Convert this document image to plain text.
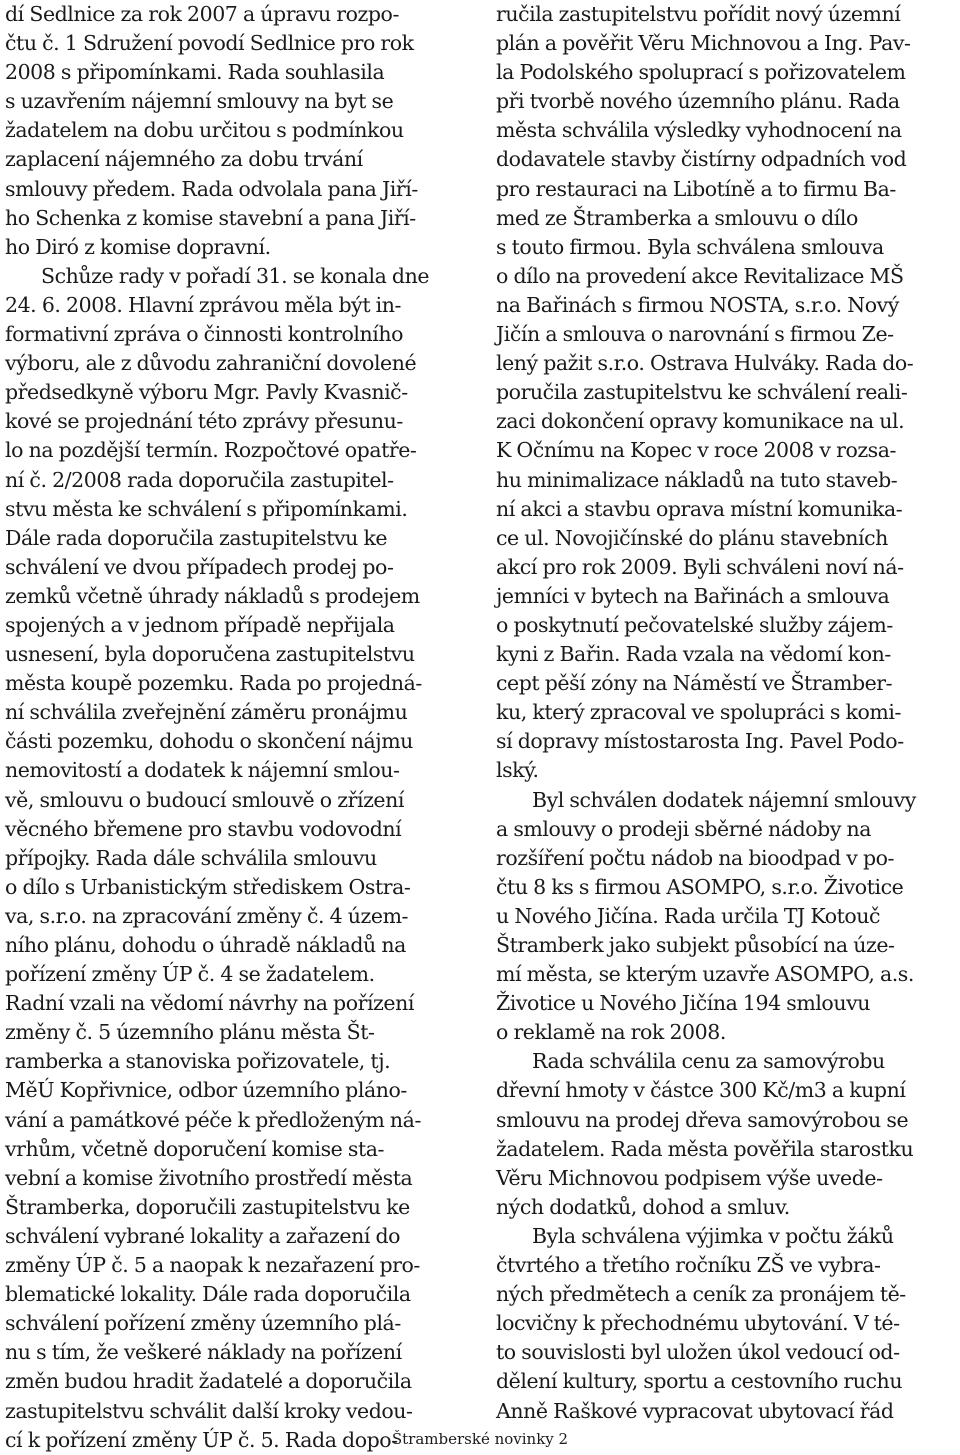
dí Sedlnice za rok 2007 a úpravu rozpo-
čtu č. 1 Sdružení povodí Sedlnice pro rok
2008 s připomínkami. Rada souhlasila
s uzavřením nájemní smlouvy na byt se
žadatelem na dobu určitou s podmínkou
zaplacení nájemného za dobu trvání
smlouvy předem. Rada odvolala pana Jiří-
ho Schenka z komise stavební a pana Jiří-
ho Diró z komise dopravní.
Schůze rady v pořadí 31. se konala dne
24. 6. 2008. Hlavní zprávou měla být in-
formativní zpráva o činnosti kontrolního
výboru, ale z důvodu zahraniční dovolené
předsedkyně výboru Mgr. Pavly Kvasnič-
kové se projednání této zprávy přesunu-
lo na pozdější termín. Rozpočtové opatře-
ní č. 2/2008 rada doporučila zastupitel-
stvu města ke schválení s připomínkami.
Dále rada doporučila zastupitelstvu ke
schválení ve dvou případech prodej po-
zemků včetně úhrady nákladů s prodejem
spojených a v jednom případě nepřijala
usnesení, byla doporučena zastupitelstvu
města koupě pozemku. Rada po projedná-
ní schválila zveřejnění záměru pronájmu
části pozemku, dohodu o skončení nájmu
nemovitostí a dodatek k nájemní smlou-
vě, smlouvu o budoucí smlouvě o zřízení
věcného břemene pro stavbu vodovodní
přípojky. Rada dále schválila smlouvu
o dílo s Urbanistickým střediskem Ostra-
va, s.r.o. na zpracování změny č. 4 územ-
ního plánu, dohodu o úhradě nákladů na
pořízení změny ÚP č. 4 se žadatelem.
Radní vzali na vědomí návrhy na pořízení
změny č. 5 územního plánu města Št-
ramberka a stanoviska pořizovatele, tj.
MěÚ Kopřivnice, odbor územního pláno-
vání a památkové péče k předloženým ná-
vrhům, včetně doporučení komise sta-
vební a komise životního prostředí města
Štramberka, doporučili zastupitelstvu ke
schválení vybrané lokality a zařazení do
změny ÚP č. 5 a naopak k nezařazení pro-
blematické lokality. Dále rada doporučila
schválení pořízení změny územního plá-
nu s tím, že veškeré náklady na pořízení
změn budou hradit žadatelé a doporučila
zastupitelstvu schválit další kroky vedou-
cí k pořízení změny ÚP č. 5. Rada dopo-
ručila zastupitelstvu pořídit nový územní
plán a pověřit Věru Michnovou a Ing. Pav-
la Podolského spoluprací s pořizovatelem
při tvorbě nového územního plánu. Rada
města schválila výsledky vyhodnocení na
dodavatele stavby čistírny odpadních vod
pro restauraci na Libotíně a to firmu Ba-
med ze Štramberka a smlouvu o dílo
s touto firmou. Byla schválena smlouva
o dílo na provedení akce Revitalizace MŠ
na Bařinách s firmou NOSTA, s.r.o. Nový
Jičín a smlouva o narovnání s firmou Ze-
lený pažit s.r.o. Ostrava Hulváky. Rada do-
poručila zastupitelstvu ke schválení reali-
zaci dokončení opravy komunikace na ul.
K Očnímu na Kopec v roce 2008 v rozsa-
hu minimalizace nákladů na tuto staveb-
ní akci a stavbu oprava místní komunika-
ce ul. Novojičínské do plánu stavebních
akcí pro rok 2009. Byli schváleni noví ná-
jemníci v bytech na Bařinách a smlouva
o poskytnutí pečovatelské služby zájem-
kyni z Bařin. Rada vzala na vědomí kon-
cept pěší zóny na Náměstí ve Štramber-
ku, který zpracoval ve spolupráci s komi-
sí dopravy místostarosta Ing. Pavel Podo-
lský.
Byl schválen dodatek nájemní smlouvy
a smlouvy o prodeji sběrné nádoby na
rozšíření počtu nádob na bioodpad v po-
čtu 8 ks s firmou ASOMPO, s.r.o. Životice
u Nového Jičína. Rada určila TJ Kotouč
Štramberk jako subjekt působící na úze-
mí města, se kterým uzavře ASOMPO, a.s.
Životice u Nového Jičína 194 smlouvu
o reklamě na rok 2008.
Rada schválila cenu za samovýrobu
dřevní hmoty v částce 300 Kč/m3 a kupní
smlouvu na prodej dřeva samovýrobou se
žadatelem. Rada města pověřila starostku
Věru Michnovou podpisem výše uvede-
ných dodatků, dohod a smluv.
Byla schválena výjimka v počtu žáků
čtvrtého a třetího ročníku ZŠ ve vybra-
ných předmětech a ceník za pronájem tě-
locvičny k přechodnému ubytování. V té-
to souvislosti byl uložen úkol vedoucí od-
dělení kultury, sportu a cestovního ruchu
Anně Raškové vypracovat ubytovací řád
Štramberské novinky 2
